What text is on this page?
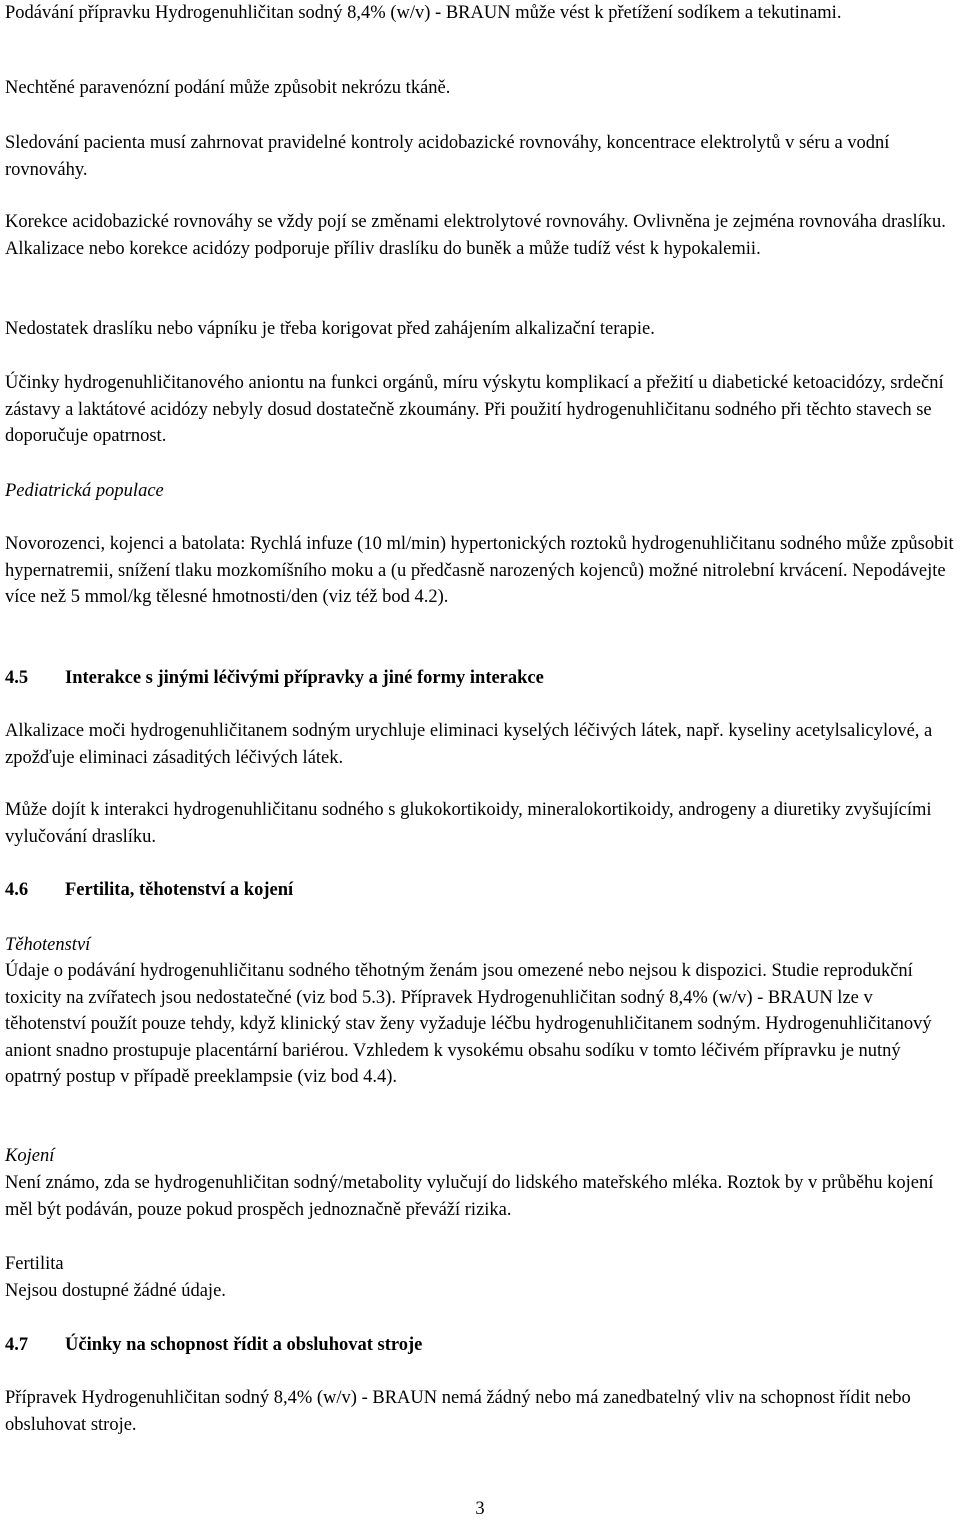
Podávání přípravku Hydrogenuhličitan sodný 8,4% (w/v) - BRAUN může vést k přetížení sodíkem a tekutinami.

Nechtěné paravenózní podání může způsobit nekrózu tkáně.

Sledování pacienta musí zahrnovat pravidelné kontroly acidobazické rovnováhy, koncentrace elektrolytů v séru a vodní rovnováhy.

Korekce acidobazické rovnováhy se vždy pojí se změnami elektrolytové rovnováhy. Ovlivněna je zejména rovnováha draslíku. Alkalizace nebo korekce acidózy podporuje příliv draslíku do buněk a může tudíž vést k hypokalemii.

Nedostatek draslíku nebo vápníku je třeba korigovat před zahájením alkalizační terapie.

Účinky hydrogenuhličitanového aniontu na funkci orgánů, míru výskytu komplikací a přežití u diabetické ketoacidózy, srdeční zástavy a laktátové acidózy nebyly dosud dostatečně zkoumány. Při použití hydrogenuhličitanu sodného při těchto stavech se doporučuje opatrnost.

Pediatrická populace

Novorozenci, kojenci a batolata: Rychlá infuze (10 ml/min) hypertonických roztoků hydrogenuhličitanu sodného může způsobit hypernatremii, snížení tlaku mozkomíšního moku a (u předčasně narozených kojenců) možné nitrolební krvácení. Nepodávejte více než 5 mmol/kg tělesné hmotnosti/den (viz též bod 4.2).

4.5 Interakce s jinými léčivými přípravky a jiné formy interakce

Alkalizace moči hydrogenuhličitanem sodným urychluje eliminaci kyselých léčivých látek, např. kyseliny acetylsalicylové, a zpožďuje eliminaci zásaditých léčivých látek.

Může dojít k interakci hydrogenuhličitanu sodného s glukokortikoidy, mineralokortikoidy, androgeny a diuretiky zvyšujícími vylučování draslíku.

4.6 Fertilita, těhotenství a kojení

Těhotenství

Údaje o podávání hydrogenuhličitanu sodného těhotným ženám jsou omezené nebo nejsou k dispozici. Studie reprodukční toxicity na zvířatech jsou nedostatečné (viz bod 5.3). Přípravek Hydrogenuhličitan sodný 8,4% (w/v) - BRAUN lze v těhotenství použít pouze tehdy, když klinický stav ženy vyžaduje léčbu hydrogenuhličitanem sodným. Hydrogenuhličitanový aniont snadno prostupuje placentární bariérou. Vzhledem k vysokému obsahu sodíku v tomto léčivém přípravku je nutný opatrný postup v případě preeklampsie (viz bod 4.4).

Kojení

Není známo, zda se hydrogenuhličitan sodný/metabolity vylučují do lidského mateřského mléka. Roztok by v průběhu kojení měl být podáván, pouze pokud prospěch jednoznačně převáží rizika.

Fertilita

Nejsou dostupné žádné údaje.

4.7 Účinky na schopnost řídit a obsluhovat stroje

Přípravek Hydrogenuhličitan sodný 8,4% (w/v) - BRAUN nemá žádný nebo má zanedbatelný vliv na schopnost řídit nebo obsluhovat stroje.

3
